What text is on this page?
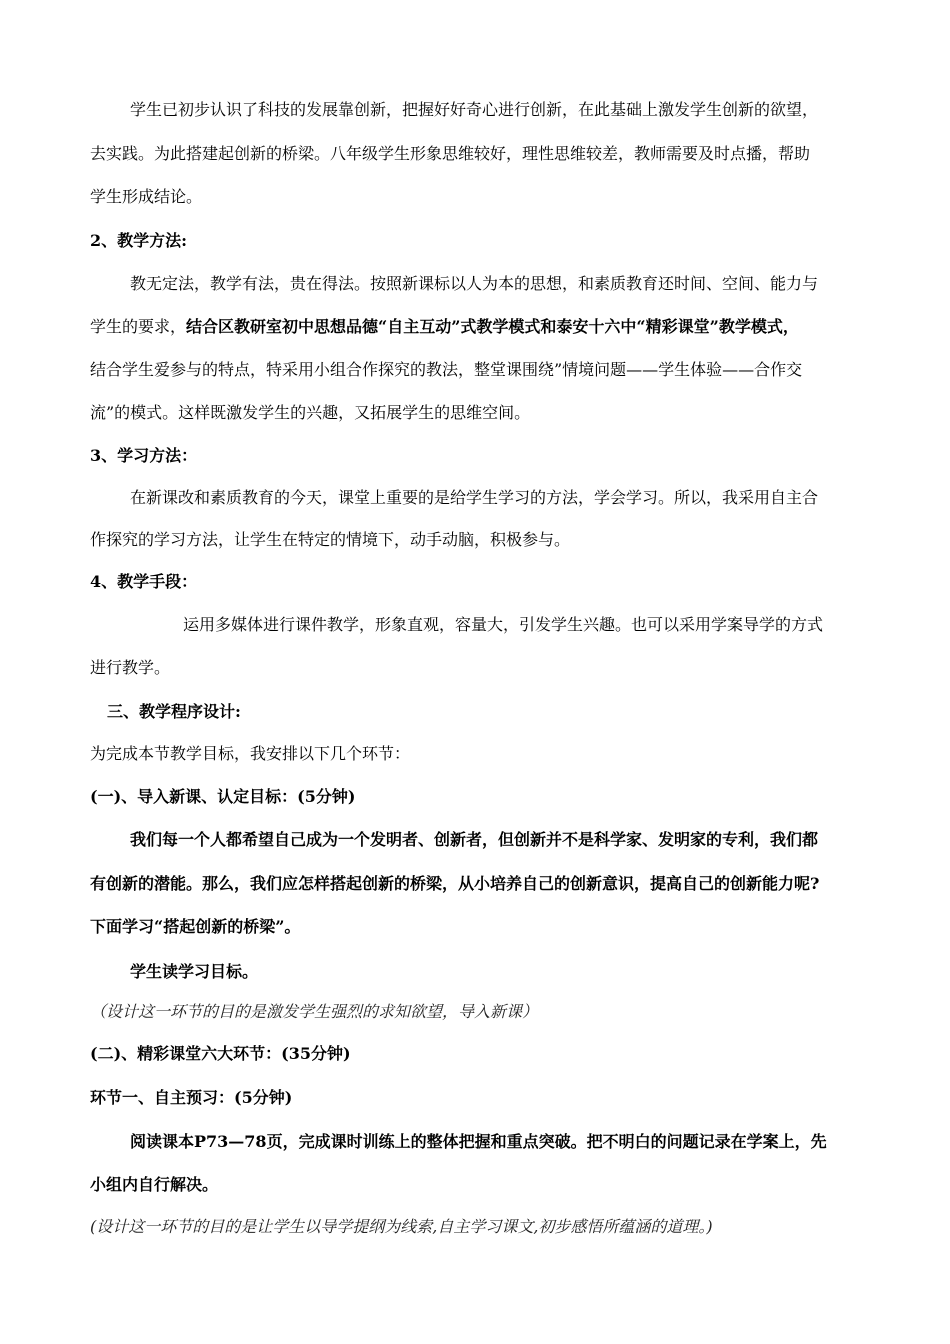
学生已初步认识了科技的发展靠创新，把握好好奇心进行创新，在此基础上激发学生创新的欲望，

去实践。为此搭建起创新的桥梁。八年级学生形象思维较好，理性思维较差，教师需要及时点播，帮助

学生形成结论。

2、教学方法:

教无定法，教学有法，贵在得法。按照新课标以人为本的思想，和素质教育还时间、空间、能力与

学生的要求，结合区教研室初中思想品德“自主互动”式教学模式和泰安十六中“精彩课堂”教学模式，

结合学生爱参与的特点，特采用小组合作探究的教法，整堂课围绕”情境问题——学生体验——合作交

流”的模式。这样既激发学生的兴趣，又拓展学生的思维空间。

3、学习方法：

在新课改和素质教育的今天，课堂上重要的是给学生学习的方法，学会学习。所以，我采用自主合

作探究的学习方法，让学生在特定的情境下，动手动脑，积极参与。

4、教学手段：

运用多媒体进行课件教学，形象直观，容量大，引发学生兴趣。也可以采用学案导学的方式

进行教学。

三、教学程序设计:

为完成本节教学目标，我安排以下几个环节：

(一)、导入新课、认定目标：(5分钟)

我们每一个人都希望自己成为一个发明者、创新者，但创新并不是科学家、发明家的专利，我们都

有创新的潜能。那么，我们应怎样搭起创新的桥梁，从小培养自己的创新意识，提高自己的创新能力呢?

下面学习“搭起创新的桥梁”。

学生读学习目标。

（设计这一环节的目的是激发学生强烈的求知欲望，导入新课）

(二)、精彩课堂六大环节：(35分钟)

环节一、自主预习：(5分钟)

阅读课本P73—78页，完成课时训练上的整体把握和重点突破。把不明白的问题记录在学案上，先

小组内自行解决。

(设计这一环节的目的是让学生以导学提纲为线索,自主学习课文,初步感悟所蕴涵的道理。)
